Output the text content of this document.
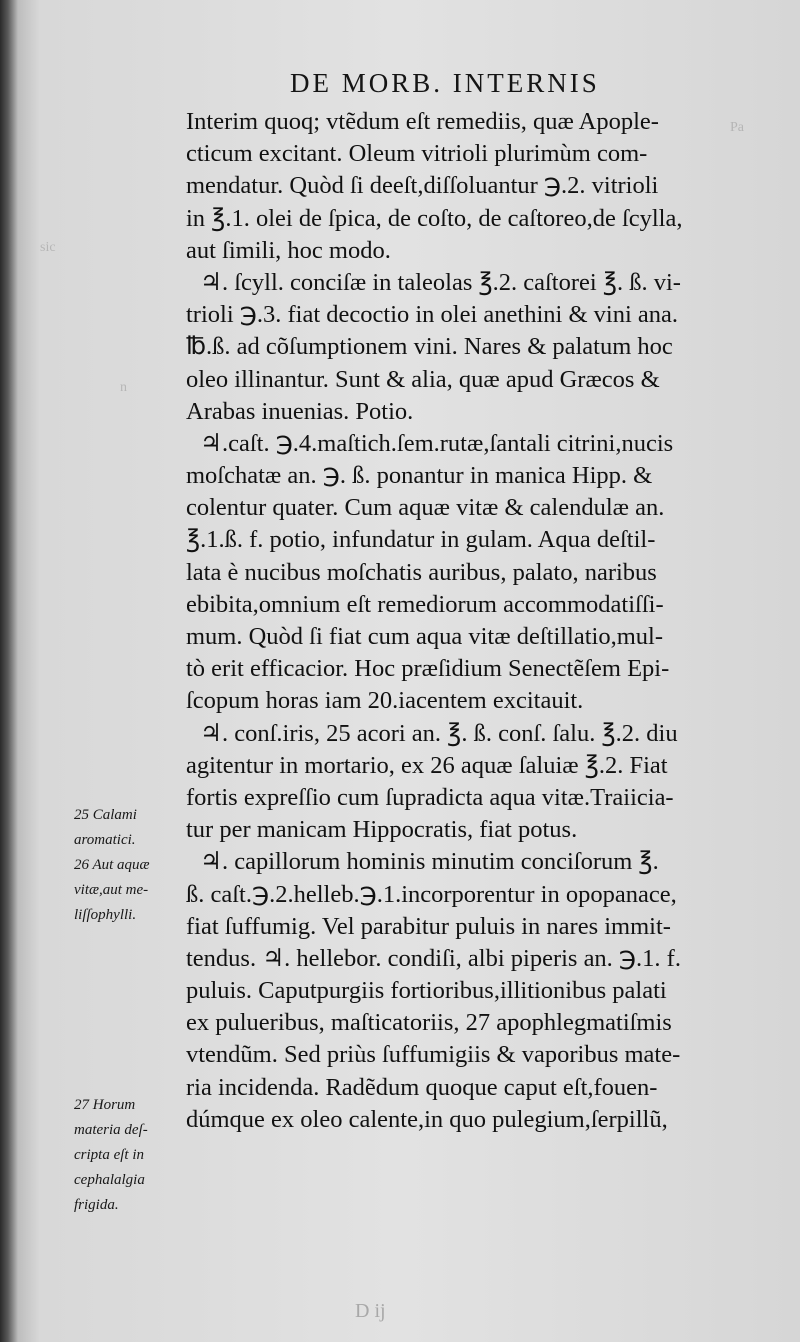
Pa
sic
n
DE MORB. INTERNIS
Interim quoq; vtẽdum eſt remediis, quæ Apople-
cticum excitant. Oleum vitrioli plurimùm com-
mendatur. Quòd ſi deeſt,diſſoluantur ℈.2. vitrioli
in ℥.1. olei de ſpica, de coſto, de caſtoreo,de ſcylla,
aut ſimili, hoc modo.
♃. ſcyll. conciſæ in taleolas ℥.2. caſtorei ℥. ß. vi-
trioli ℈.3. fiat decoctio in olei anethini & vini ana.
℔.ß. ad cõſumptionem vini. Nares & palatum hoc
oleo illinantur. Sunt & alia, quæ apud Græcos &
Arabas inuenias. Potio.
♃.caſt. ℈.4.maſtich.ſem.rutæ,ſantali citrini,nucis
moſchatæ an. ℈. ß. ponantur in manica Hipp. &
colentur quater. Cum aquæ vitæ & calendulæ an.
℥.1.ß. f. potio, infundatur in gulam. Aqua deſtil-
lata è nucibus moſchatis auribus, palato, naribus
ebibita,omnium eſt remediorum accommodatiſſi-
mum. Quòd ſi fiat cum aqua vitæ deſtillatio,mul-
tò erit efficacior. Hoc præſidium Senectẽſem Epi-
ſcopum horas iam 20.iacentem excitauit.
♃. conſ.iris, 25 acori an. ℥. ß. conſ. ſalu. ℥.2. diu
agitentur in mortario, ex 26 aquæ ſaluiæ ℥.2. Fiat
fortis expreſſio cum ſupradicta aqua vitæ.Traiicia-
tur per manicam Hippocratis, fiat potus.
♃. capillorum hominis minutim conciſorum ℥.
ß. caſt.℈.2.helleb.℈.1.incorporentur in opopanace,
fiat ſuffumig. Vel parabitur puluis in nares immit-
tendus. ♃. hellebor. condiſi, albi piperis an. ℈.1. f.
puluis. Caputpurgiis fortioribus,illitionibus palati
ex pulueribus, maſticatoriis, 27 apophlegmatiſmis
vtendũm. Sed priùs ſuffumigiis & vaporibus mate-
ria incidenda. Radẽdum quoque caput eſt,fouen-
dúmque ex oleo calente,in quo pulegium,ſerpillũ,
25 Calami
aromatici.
26 Aut aquæ
vitæ,aut me-
liſſophylli.
27 Horum
materia deſ-
cripta eſt in
cephalalgia
frigida.
D ij
